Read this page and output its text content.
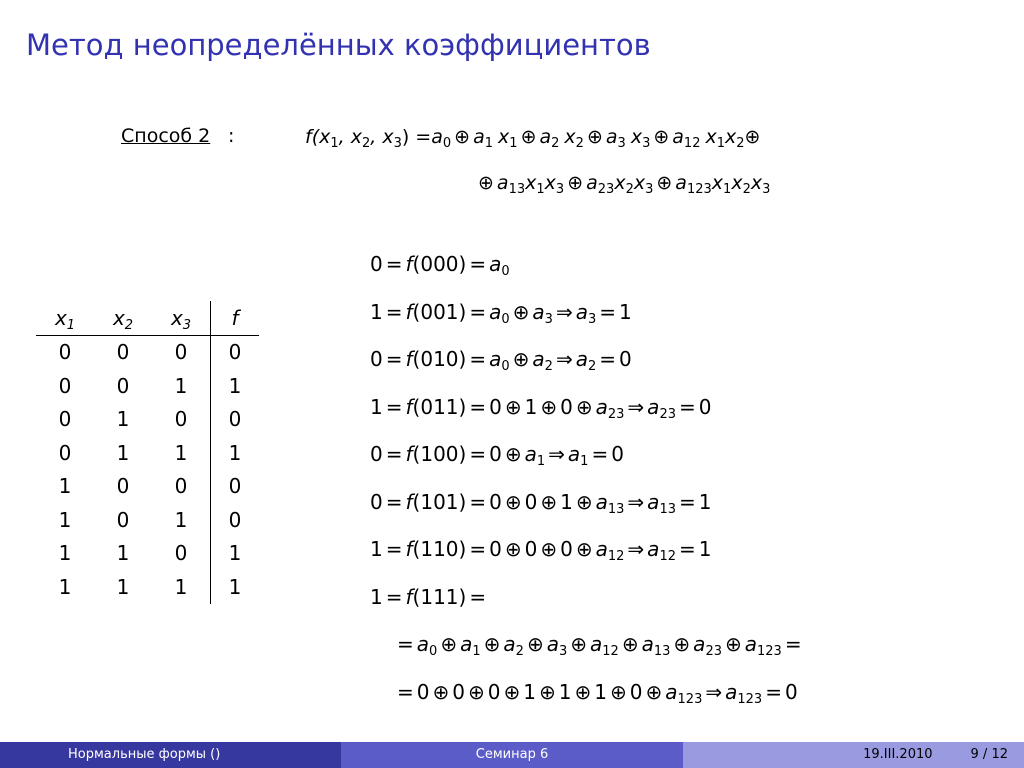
Метод неопределённых коэффициентов
Способ 2 :	$f(x_1$, $x_2$, $x_3) =a_0$ ⊕ $a_1$ $x_1$ ⊕ $a_2$ $x_2$ ⊕ $a_3$ $x_3$ ⊕ $a_{12}$ $x_1x_2\oplus$
⊕ $a_{13}x_1x_3$ ⊕ $a_{23}x_2x_3$ ⊕ $a_{123}x_1x_2x_3$
$x_1$	$x_2$	$x_3$	f
0	0	0	0
0	0	1	1
0	1	0	0
0	1	1	1
1	0	0	0
1	0	1	0
1	1	0	1
1	1	1	1
$0 = f(000) = a_0$
$1 = f(001) = a_0$ ⊕ $a_3$ ⇒ $a_3 = 1$
$0 = f(010) = a_0$ ⊕ $a_2$ ⇒ $a_2 = 0$
1 = f(011) = 0 ⊕ 1 ⊕ 0 ⊕ $a_{23}$ ⇒ $a_{23} = 0$
0 = f(100) = 0 ⊕ $a_1$ ⇒ $a_1 = 0$
0 = f(101) = 0 ⊕ 0 ⊕ 1 ⊕ $a_{13}$ ⇒ $a_{13} = 1$
1 = f(110) = 0 ⊕ 0 ⊕ 0 ⊕ $a_{12}$ ⇒ $a_{12} = 1$
1 = f(111) =
= $a_0$ ⊕ $a_1$ ⊕ $a_2$ ⊕ $a_3$ ⊕ $a_{12}$ ⊕ $a_{13}$ ⊕ $a_{23}$ ⊕ $a_{123}$ =
= 0 ⊕ 0 ⊕ 0 ⊕ 1 ⊕ 1 ⊕ 1 ⊕ 0 ⊕ $a_{123}$ ⇒ $a_{123} = 0$
Нормальные формы ()	Семинар 6	19.III.2010	9 / 12
